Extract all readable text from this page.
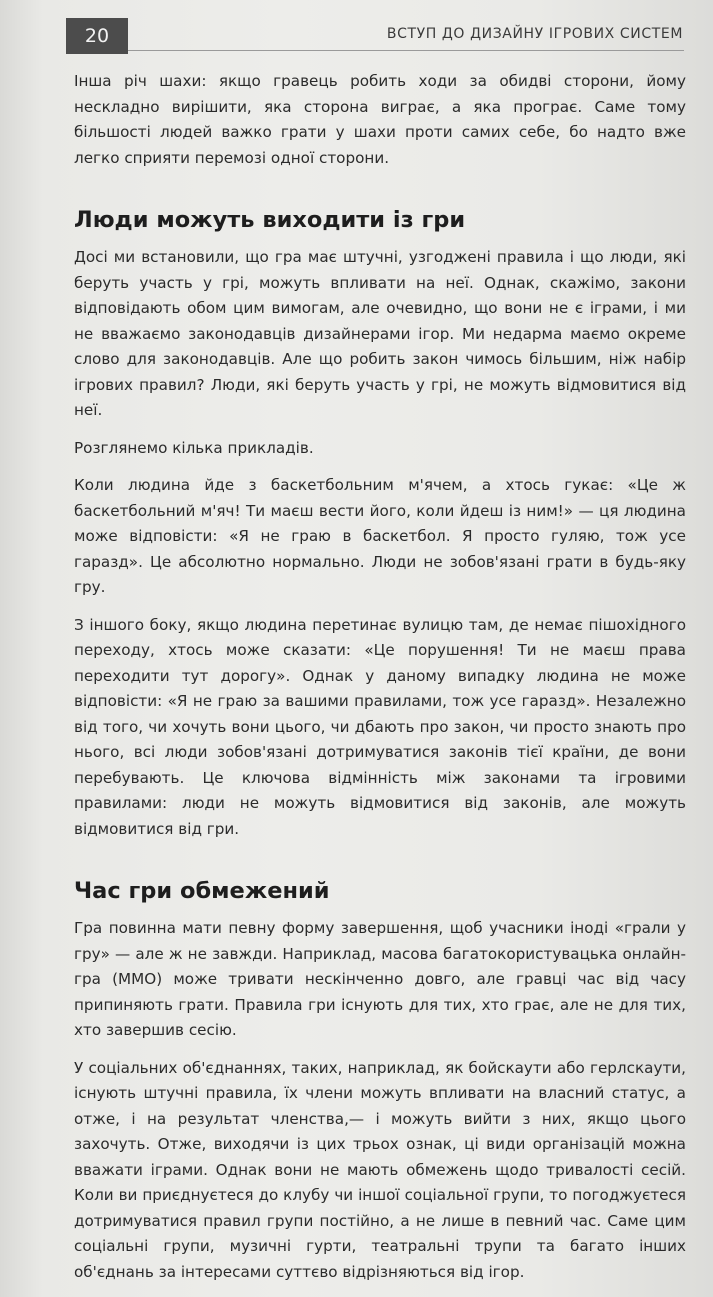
20	ВСТУП ДО ДИЗАЙНУ ІГРОВИХ СИСТЕМ

Інша річ шахи: якщо гравець робить ходи за обидві сторони, йому нескладно вирішити, яка сторона виграє, а яка програє. Саме тому більшості людей важко грати у шахи проти самих себе, бо надто вже легко сприяти перемозі одної сторони.

Люди можуть виходити із гри

Досі ми встановили, що гра має штучні, узгоджені правила і що люди, які беруть участь у грі, можуть впливати на неї. Однак, скажімо, закони відповідають обом цим вимогам, але очевидно, що вони не є іграми, і ми не вважаємо законодавців дизайнерами ігор. Ми недарма маємо окреме слово для законодавців. Але що робить закон чимось більшим, ніж набір ігрових правил? Люди, які беруть участь у грі, не можуть відмовитися від неї.

Розглянемо кілька прикладів.

Коли людина йде з баскетбольним м'ячем, а хтось гукає: «Це ж баскетбольний м'яч! Ти маєш вести його, коли йдеш із ним!» — ця людина може відповісти: «Я не граю в баскетбол. Я просто гуляю, тож усе гаразд». Це абсолютно нормально. Люди не зобов'язані грати в будь-яку гру.

З іншого боку, якщо людина перетинає вулицю там, де немає пішохідного переходу, хтось може сказати: «Це порушення! Ти не маєш права переходити тут дорогу». Однак у даному випадку людина не може відповісти: «Я не граю за вашими правилами, тож усе гаразд». Незалежно від того, чи хочуть вони цього, чи дбають про закон, чи просто знають про нього, всі люди зобов'язані дотримуватися законів тієї країни, де вони перебувають. Це ключова відмінність між законами та ігровими правилами: люди не можуть відмовитися від законів, але можуть відмовитися від гри.

Час гри обмежений

Гра повинна мати певну форму завершення, щоб учасники іноді «грали у гру» — але ж не завжди. Наприклад, масова багатокористувацька онлайн-гра (ММО) може тривати нескінченно довго, але гравці час від часу припиняють грати. Правила гри існують для тих, хто грає, але не для тих, хто завершив сесію.

У соціальних об'єднаннях, таких, наприклад, як бойскаути або герлскаути, існують штучні правила, їх члени можуть впливати на власний статус, а отже, і на результат членства,— і можуть вийти з них, якщо цього захочуть. Отже, виходячи із цих трьох ознак, ці види організацій можна вважати іграми. Однак вони не мають обмежень щодо тривалості сесій. Коли ви приєднуєтеся до клубу чи іншої соціальної групи, то погоджуєтеся дотримуватися правил групи постійно, а не лише в певний час. Саме цим соціальні групи, музичні гурти, театральні трупи та багато інших об'єднань за інтересами суттєво відрізняються від ігор.
